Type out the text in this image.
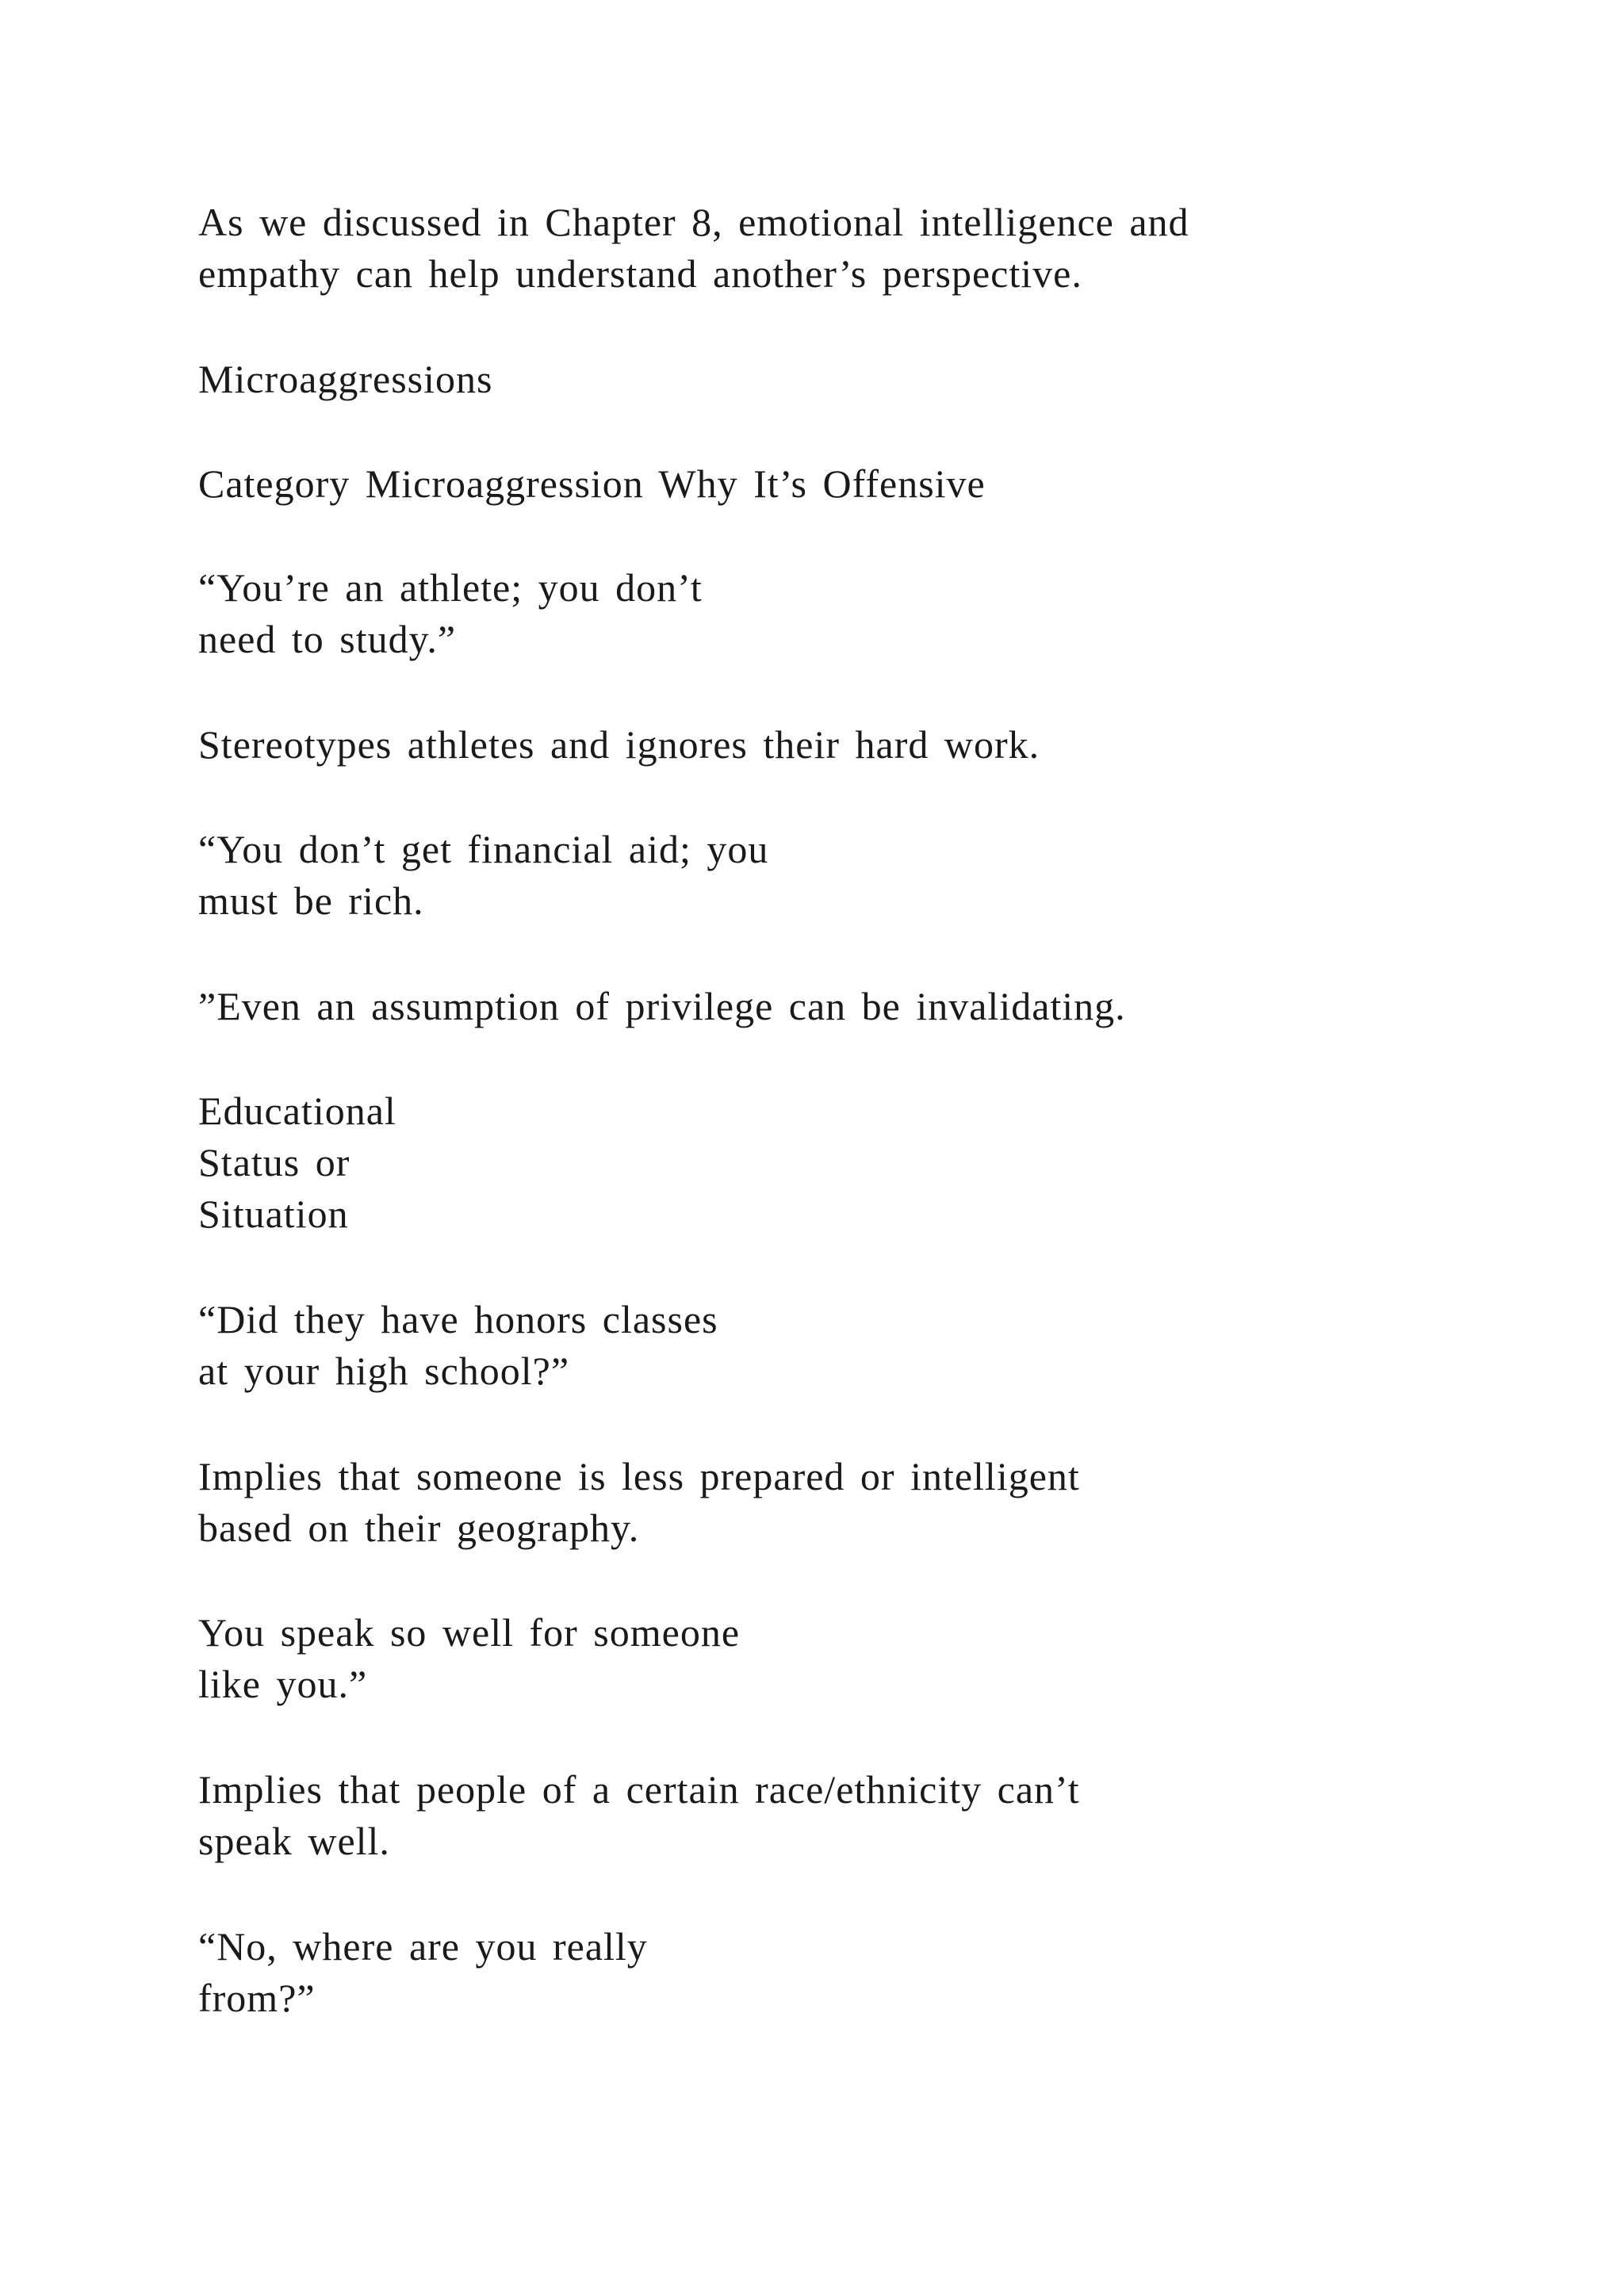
As we discussed in Chapter 8, emotional intelligence and
empathy can help understand another’s perspective.

Microaggressions

Category Microaggression Why It’s Offensive

“You’re an athlete; you don’t
need to study.”

Stereotypes athletes and ignores their hard work.

“You don’t get financial aid; you
must be rich.

”Even an assumption of privilege can be invalidating.

Educational
Status or
Situation

“Did they have honors classes
at your high school?”

Implies that someone is less prepared or intelligent
based on their geography.

You speak so well for someone
like you.”

Implies that people of a certain race/ethnicity can’t
speak well.

“No, where are you really
from?”
